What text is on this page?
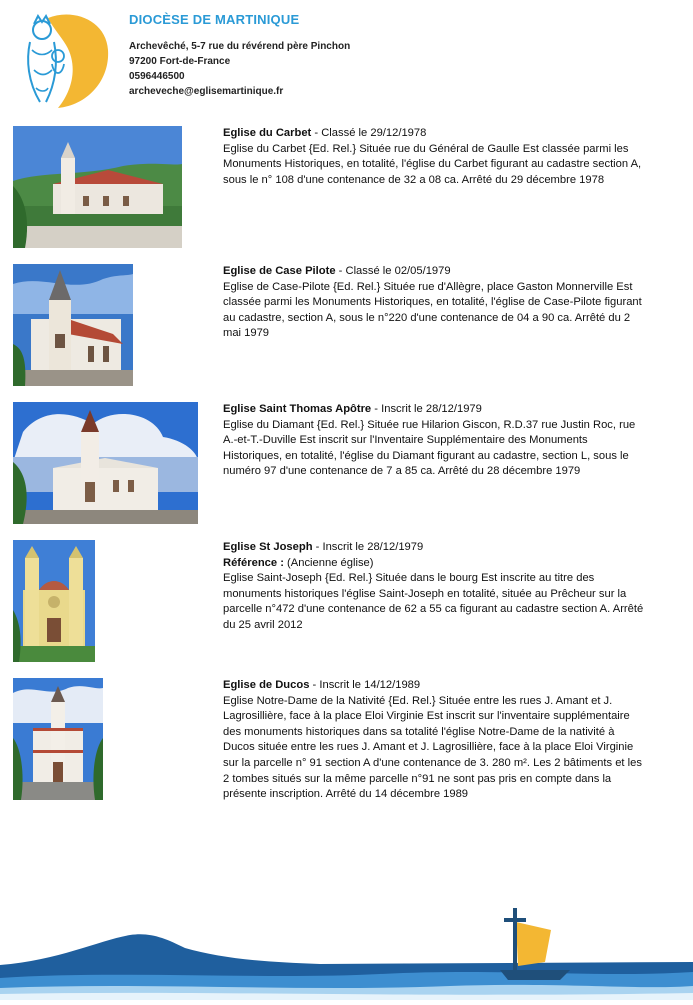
DIOCÈSE DE MARTINIQUE
Archevêché, 5-7 rue du révérend père Pinchon
97200 Fort-de-France
0596446500
archeveche@eglisemartinique.fr
Eglise du Carbet - Classé le 29/12/1978
Eglise du Carbet {Ed. Rel.} Située rue du Général de Gaulle Est classée parmi les Monuments Historiques, en totalité, l'église du Carbet figurant au cadastre section A, sous le n° 108 d'une contenance de 32 a 08 ca. Arrêté du 29 décembre 1978
Eglise de Case Pilote - Classé le 02/05/1979
Eglise de Case-Pilote {Ed. Rel.} Située rue d'Allègre, place Gaston Monnerville Est classée parmi les Monuments Historiques, en totalité, l'église de Case-Pilote figurant au cadastre, section A, sous le n°220 d'une contenance de 04 a 90 ca. Arrêté du 2 mai 1979
Eglise Saint Thomas Apôtre - Inscrit le 28/12/1979
Eglise du Diamant {Ed. Rel.} Située rue Hilarion Giscon, R.D.37 rue Justin Roc, rue A.-et-T.-Duville Est inscrit sur l'Inventaire Supplémentaire des Monuments Historiques, en totalité, l'église du Diamant figurant au cadastre, section L, sous le numéro 97 d'une contenance de 7 a 85 ca. Arrêté du 28 décembre 1979
Eglise St Joseph - Inscrit le 28/12/1979
Référence : (Ancienne église)
Eglise Saint-Joseph {Ed. Rel.} Située dans le bourg Est inscrite au titre des monuments historiques l'église Saint-Joseph en totalité, située au Prêcheur sur la parcelle n°472 d'une contenance de 62 a 55 ca figurant au cadastre section A. Arrêté du 25 avril 2012
Eglise de Ducos - Inscrit le 14/12/1989
Eglise Notre-Dame de la Nativité {Ed. Rel.} Située entre les rues J. Amant et J. Lagrosillière, face à la place Eloi Virginie Est inscrit sur l'inventaire supplémentaire des monuments historiques dans sa totalité l'église Notre-Dame de la nativité à Ducos située entre les rues J. Amant et J. Lagrosillière, face à la place Eloi Virginie sur la parcelle n° 91 section A d'une contenance de 3. 280 m². Les 2 bâtiments et les 2 tombes situés sur la même parcelle n°91 ne sont pas pris en compte dans la présente inscription. Arrêté du 14 décembre 1989
